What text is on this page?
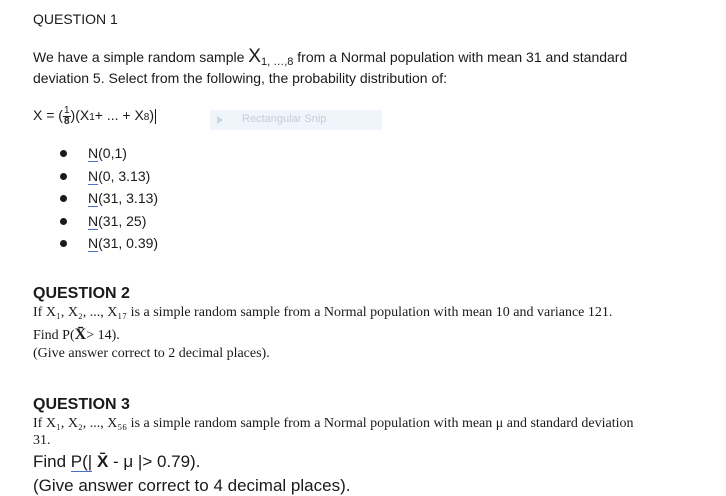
QUESTION 1
We have a simple random sample $X_{1, \dots,8}$ from a Normal population with mean 31 and standard
deviation 5. Select from the following, the probability distribution of:
X = ( $\frac{1}{8} )(X1+$ ... + X8)	Rectangular Snip
N(0,1)
N(0, 3.13)
N(31, 3.13)
N(31, 25)
N(31, 0.39)
QUESTION 2
If X₁, X₂, ..., X₁₇ is a simple random sample from a Normal population with mean 10 and variance 121.
Find P(X̄> 14).
(Give answer correct to 2 decimal places).
QUESTION 3
If X₁, X₂, ..., X₅₆ is a simple random sample from a Normal population with mean μ and standard deviation
31.
Find P(| X̄ - μ |> 0.79).
(Give answer correct to 4 decimal places).
